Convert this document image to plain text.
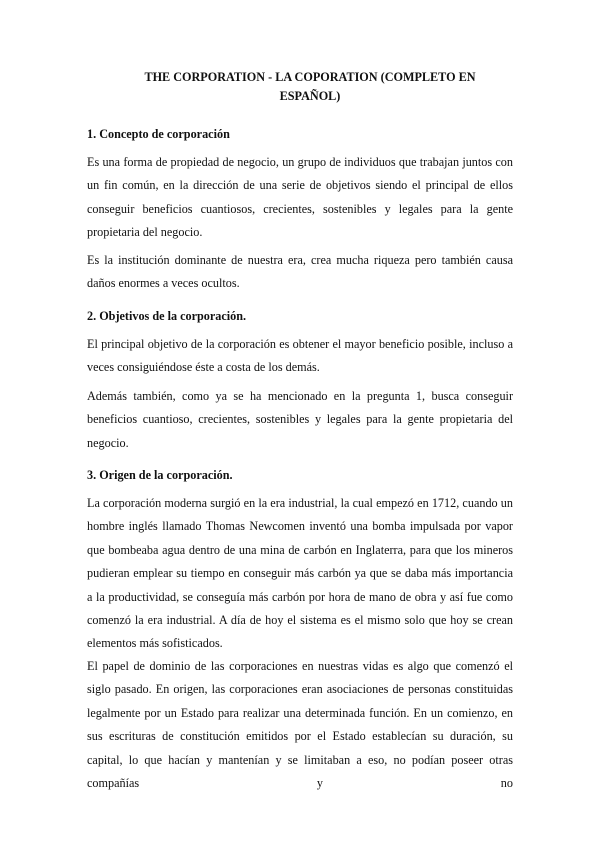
THE CORPORATION - LA COPORATION (COMPLETO EN ESPAÑOL)
1. Concepto de corporación

Es una forma de propiedad de negocio, un grupo de individuos que trabajan juntos con un fin común, en la dirección de una serie de objetivos siendo el principal de ellos conseguir beneficios cuantiosos, crecientes, sostenibles y legales para la gente propietaria del negocio.

Es la institución dominante de nuestra era, crea mucha riqueza pero también causa daños enormes a veces ocultos.

2. Objetivos de la corporación.

El principal objetivo de la corporación es obtener el mayor beneficio posible, incluso a veces consiguiéndose éste a costa de los demás.

Además también, como ya se ha mencionado en la pregunta 1, busca conseguir beneficios cuantioso, crecientes, sostenibles y legales para la gente propietaria del negocio.

3. Origen de la corporación.

La corporación moderna surgió en la era industrial, la cual empezó en 1712, cuando un hombre inglés llamado Thomas Newcomen inventó una bomba impulsada por vapor que bombeaba agua dentro de una mina de carbón en Inglaterra, para que los mineros pudieran emplear su tiempo en conseguir más carbón ya que se daba más importancia a la productividad, se conseguía más carbón por hora de mano de obra y así fue como comenzó la era industrial. A día de hoy el sistema es el mismo solo que hoy se crean elementos más sofisticados.

El papel de dominio de las corporaciones en nuestras vidas es algo que comenzó el siglo pasado. En origen, las corporaciones eran asociaciones de personas constituidas legalmente por un Estado para realizar una determinada función. En un comienzo, en sus escrituras de constitución emitidos por el Estado establecían su duración, su capital, lo que hacían y mantenían y se limitaban a eso, no podían poseer otras compañías y no
